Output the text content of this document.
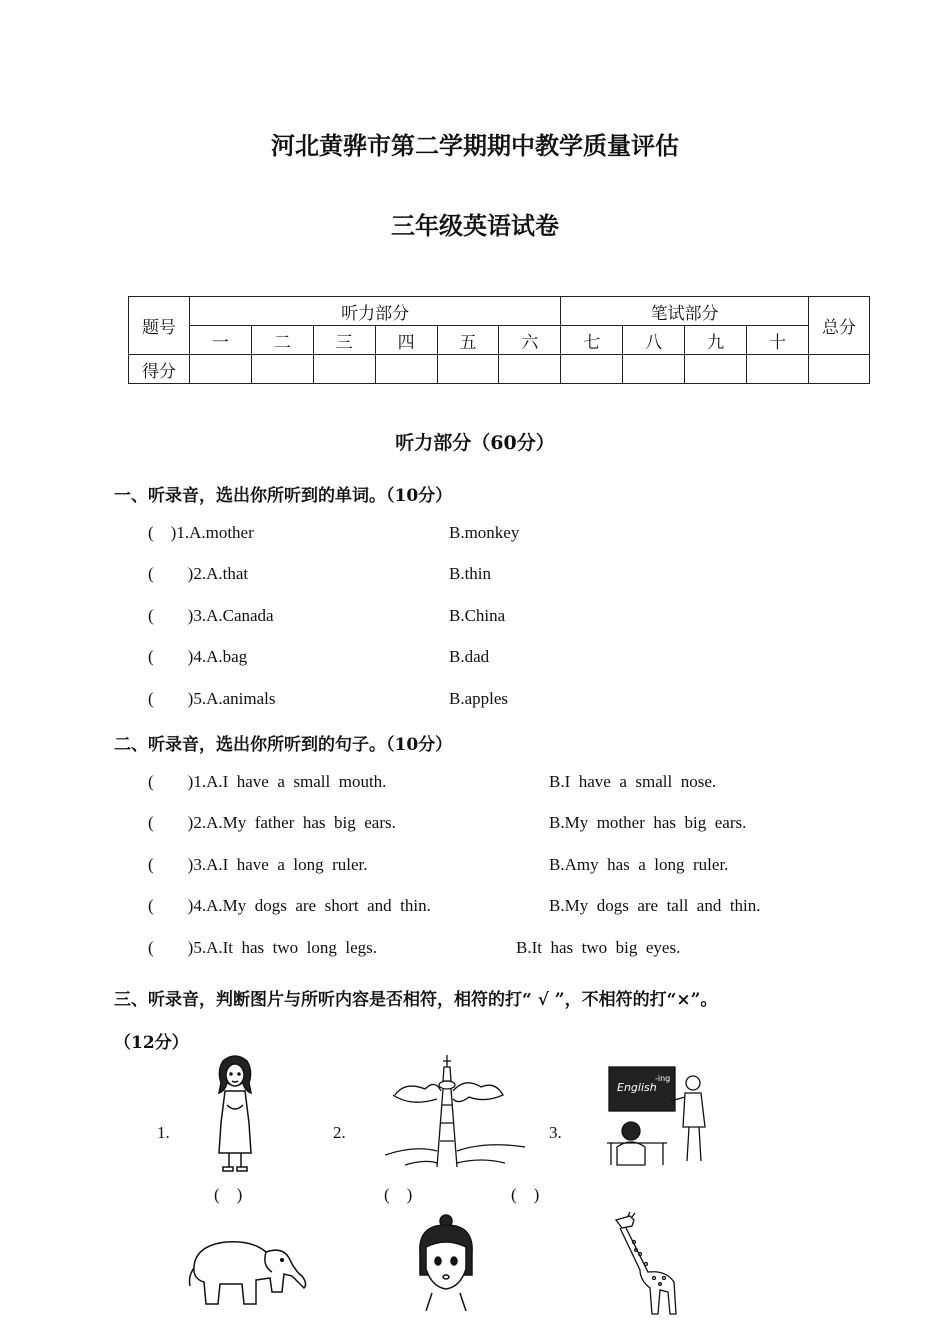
河北黄骅市第二学期期中教学质量评估
三年级英语试卷
题号	听力部分						笔试部分				总分
	一	二	三	四	五	六	七	八	九	十	
得分											
听力部分（60分）
一、听录音，选出你所听到的单词。（10分）
(    )1.A.mother	B.monkey
(        )2.A.that	B.thin
(        )3.A.Canada	B.China
(        )4.A.bag	B.dad
(        )5.A.animals	B.apples
二、听录音，选出你所听到的句子。（10分）
(        )1.A.I  have  a  small  mouth.	B.I  have  a  small  nose.
(        )2.A.My  father  has  big  ears.	B.My  mother  has  big  ears.
(        )3.A.I  have  a  long  ruler.	B.Amy  has  a  long  ruler.
(        )4.A.My  dogs  are  short  and  thin.	B.My  dogs  are  tall  and  thin.
(        )5.A.It  has  two  long  legs.	B.It  has  two  big  eyes.
三、听录音，判断图片与所听内容是否相符，相符的打“ √ ”，不相符的打“×”。
（12分）
1.	2.	3.
(    )	(    )	(    )
English
-ing
